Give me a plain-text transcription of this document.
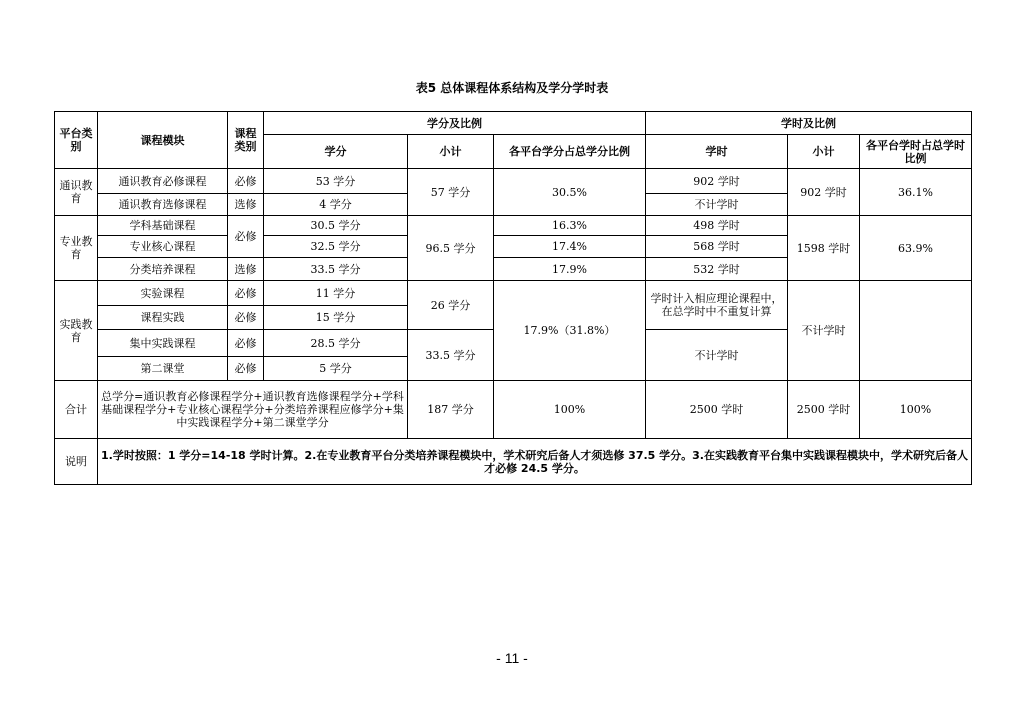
表5 总体课程体系结构及学分学时表
平台类别	课程模块	课程类别	学分及比例			学时及比例		
			学分	小计	各平台学分占总学分比例	学时	小计	各平台学时占总学时比例
通识教育	通识教育必修课程	必修	53 学分	57 学分	30.5%	902 学时	902 学时	36.1%
	通识教育选修课程	选修	4 学分			不计学时		
专业教育	学科基础课程	必修	30.5 学分	96.5 学分	16.3%	498 学时	1598 学时	63.9%
	专业核心课程		32.5 学分		17.4%	568 学时		
	分类培养课程	选修	33.5 学分		17.9%	532 学时		
实践教育	实验课程	必修	11 学分	26 学分	17.9%（31.8%）	学时计入相应理论课程中，在总学时中不重复计算	不计学时	
	课程实践	必修	15 学分					
	集中实践课程	必修	28.5 学分	33.5 学分		不计学时		
	第二课堂	必修	5 学分					
合计	总学分=通识教育必修课程学分+通识教育选修课程学分+学科基础课程学分+专业核心课程学分+分类培养课程应修学分+集中实践课程学分+第二课堂学分			187 学分	100%	2500 学时	2500 学时	100%
说明	1.学时按照：1 学分=14-18 学时计算。2.在专业教育平台分类培养课程模块中，学术研究后备人才须选修 37.5 学分。3.在实践教育平台集中实践课程模块中，学术研究后备人才必修 24.5 学分。							
- 11 -
